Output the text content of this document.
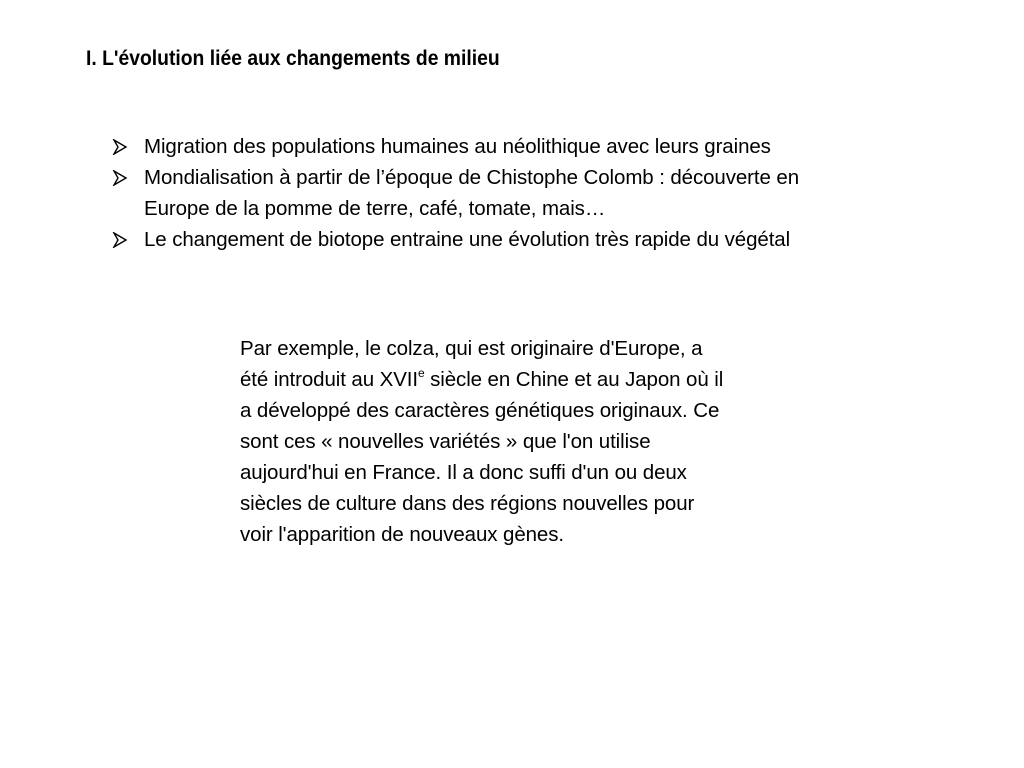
I. L'évolution liée aux changements de milieu
Migration des populations humaines au néolithique avec leurs graines
Mondialisation à partir de l’époque de Chistophe Colomb : découverte en
Europe de la pomme de terre, café, tomate, mais…
Le changement de biotope entraine une évolution très rapide du végétal
Par exemple, le colza, qui est originaire d'Europe, a
été introduit au XVIIe siècle en Chine et au Japon où il
a développé des caractères génétiques originaux. Ce
sont ces « nouvelles variétés » que l'on utilise
aujourd'hui en France. Il a donc suffi d'un ou deux
siècles de culture dans des régions nouvelles pour
voir l'apparition de nouveaux gènes.
